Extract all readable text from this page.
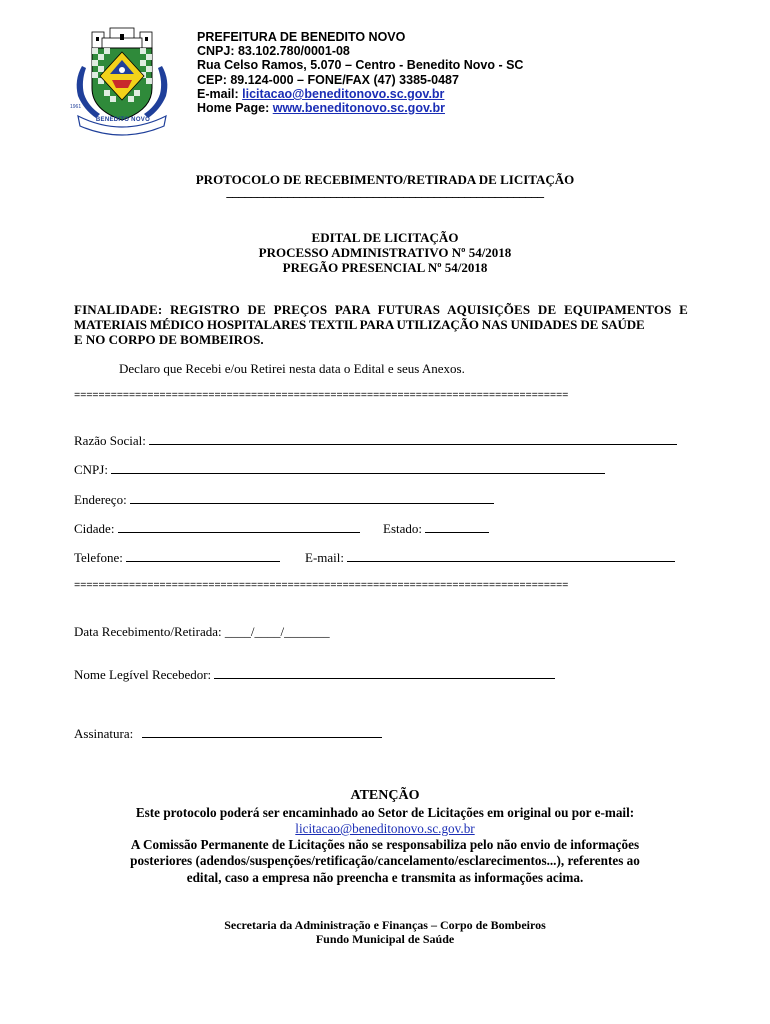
BENEDITO NOVO
1961
PREFEITURA DE BENEDITO NOVO
CNPJ: 83.102.780/0001-08
Rua Celso Ramos, 5.070 – Centro - Benedito Novo - SC
CEP: 89.124-000 – FONE/FAX (47) 3385-0487
E-mail: licitacao@beneditonovo.sc.gov.br
Home Page: www.beneditonovo.sc.gov.br
PROTOCOLO DE RECEBIMENTO/RETIRADA DE LICITAÇÃO
____________________________________________________
EDITAL DE LICITAÇÃO
PROCESSO ADMINISTRATIVO Nº 54/2018
PREGÃO PRESENCIAL Nº 54/2018
FINALIDADE: REGISTRO DE PREÇOS PARA FUTURAS AQUISIÇÕES DE EQUIPAMENTOS E
MATERIAIS MÉDICO HOSPITALARES TEXTIL PARA UTILIZAÇÃO NAS UNIDADES DE SAÚDE
E NO CORPO DE BOMBEIROS.
Declaro que Recebi e/ou Retirei nesta data o Edital e seus Anexos.
=================================================================================
Razão Social:
CNPJ:
Endereço:
Cidade:	Estado:
Telefone:	E-mail:
=================================================================================
Data Recebimento/Retirada: ____/____/_______
Nome Legível Recebedor:
Assinatura:
ATENÇÃO
Este protocolo poderá ser encaminhado ao Setor de Licitações em original ou por e-mail:
licitacao@beneditonovo.sc.gov.br
A Comissão Permanente de Licitações não se responsabiliza pelo não envio de informações
posteriores (adendos/suspenções/retificação/cancelamento/esclarecimentos...), referentes ao
edital, caso a empresa não preencha e transmita as informações acima.
Secretaria da Administração e Finanças – Corpo de Bombeiros
Fundo Municipal de Saúde
